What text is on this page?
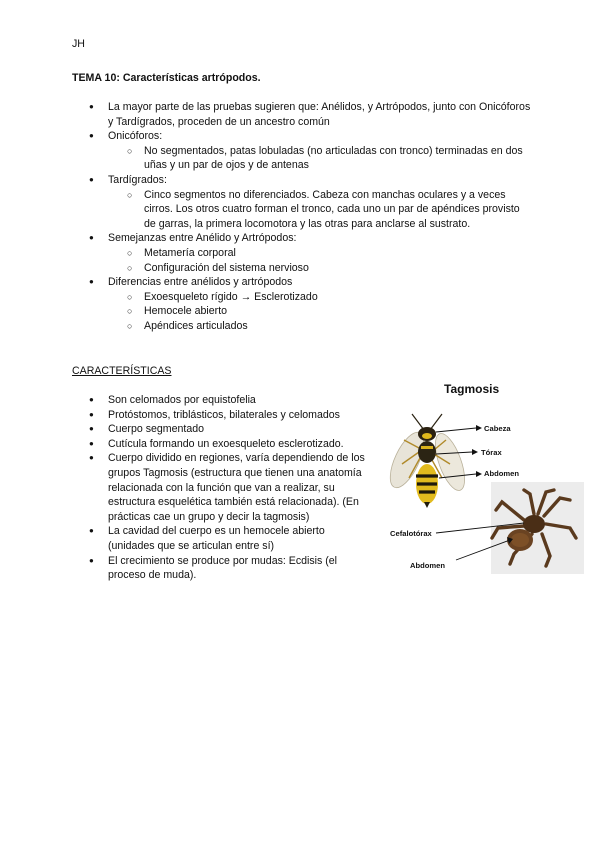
JH
TEMA 10: Características artrópodos.
● La mayor parte de las pruebas sugieren que: Anélidos, y Artrópodos, junto con Onicóforos y Tardígrados, proceden de un ancestro común
● Onicóforos:
○ No segmentados, patas lobuladas (no articuladas con tronco) terminadas en dos uñas y un par de ojos y de antenas
● Tardígrados:
○ Cinco segmentos no diferenciados. Cabeza con manchas oculares y a veces cirros. Los otros cuatro forman el tronco, cada uno un par de apéndices provisto de garras, la primera locomotora y las otras para anclarse al sustrato.
● Semejanzas entre Anélido y Artrópodos:
○ Metamería corporal
○ Configuración del sistema nervioso
● Diferencias entre anélidos y artrópodos
○ Exoesqueleto rígido → Esclerotizado
○ Hemocele abierto
○ Apéndices articulados
CARACTERÍSTICAS
● Son celomados por equistofelia
● Protóstomos, triblásticos, bilaterales y celomados
● Cuerpo segmentado
● Cutícula formando un exoesqueleto esclerotizado.
● Cuerpo dividido en regiones, varía dependiendo de los grupos Tagmosis (estructura que tienen una anatomía relacionada con la función que van a realizar, su estructura esquelética también está relacionada). (En prácticas cae un grupo y decir la tagmosis)
● La cavidad del cuerpo es un hemocele abierto (unidades que se articulan entre sí)
● El crecimiento se produce por mudas: Ecdisis (el proceso de muda).
Tagmosis
Cabeza
Tórax
Abdomen
Cefalotórax
Abdomen
